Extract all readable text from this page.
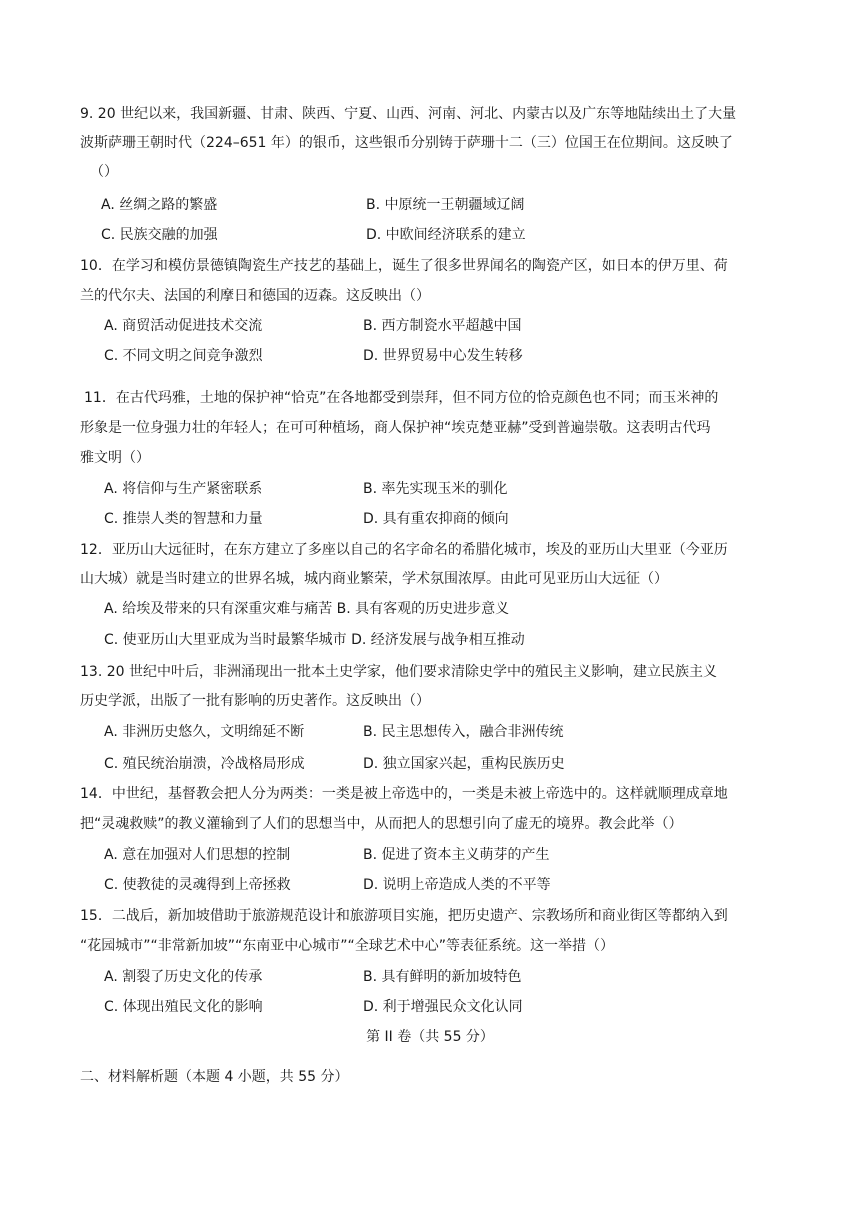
9. 20 世纪以来，我国新疆、甘肃、陕西、宁夏、山西、河南、河北、内蒙古以及广东等地陆续出土了大量
波斯萨珊王朝时代（224–651 年）的银币，这些银币分别铸于萨珊十二（三）位国王在位期间。这反映了
（）
A. 丝绸之路的繁盛	B. 中原统一王朝疆域辽阔
C. 民族交融的加强	D. 中欧间经济联系的建立
10．在学习和模仿景德镇陶瓷生产技艺的基础上，诞生了很多世界闻名的陶瓷产区，如日本的伊万里、荷
兰的代尔夫、法国的利摩日和德国的迈森。这反映出（）
A. 商贸活动促进技术交流	B. 西方制瓷水平超越中国
C. 不同文明之间竞争激烈	D. 世界贸易中心发生转移
11．在古代玛雅，土地的保护神“恰克”在各地都受到崇拜，但不同方位的恰克颜色也不同；而玉米神的
形象是一位身强力壮的年轻人；在可可种植场，商人保护神“埃克楚亚赫”受到普遍崇敬。这表明古代玛
雅文明（）
A. 将信仰与生产紧密联系	B. 率先实现玉米的驯化
C. 推崇人类的智慧和力量	D. 具有重农抑商的倾向
12．亚历山大远征时，在东方建立了多座以自己的名字命名的希腊化城市，埃及的亚历山大里亚（今亚历
山大城）就是当时建立的世界名城，城内商业繁荣，学术氛围浓厚。由此可见亚历山大远征（）
A. 给埃及带来的只有深重灾难与痛苦 B. 具有客观的历史进步意义
C. 使亚历山大里亚成为当时最繁华城市 D. 经济发展与战争相互推动
13. 20 世纪中叶后，非洲涌现出一批本土史学家，他们要求清除史学中的殖民主义影响，建立民族主义
历史学派，出版了一批有影响的历史著作。这反映出（）
A. 非洲历史悠久，文明绵延不断	B. 民主思想传入，融合非洲传统
C. 殖民统治崩溃，冷战格局形成	D. 独立国家兴起，重构民族历史
14．中世纪，基督教会把人分为两类：一类是被上帝选中的，一类是未被上帝选中的。这样就顺理成章地
把“灵魂救赎”的教义灌输到了人们的思想当中，从而把人的思想引向了虚无的境界。教会此举（）
A. 意在加强对人们思想的控制	B. 促进了资本主义萌芽的产生
C. 使教徒的灵魂得到上帝拯救	D. 说明上帝造成人类的不平等
15．二战后，新加坡借助于旅游规范设计和旅游项目实施，把历史遗产、宗教场所和商业街区等都纳入到
“花园城市”“非常新加坡”“东南亚中心城市”“全球艺术中心”等表征系统。这一举措（）
A. 割裂了历史文化的传承	B. 具有鲜明的新加坡特色
C. 体现出殖民文化的影响	D. 利于增强民众文化认同
第 II 卷（共 55 分）
二、材料解析题（本题 4 小题，共 55 分）
